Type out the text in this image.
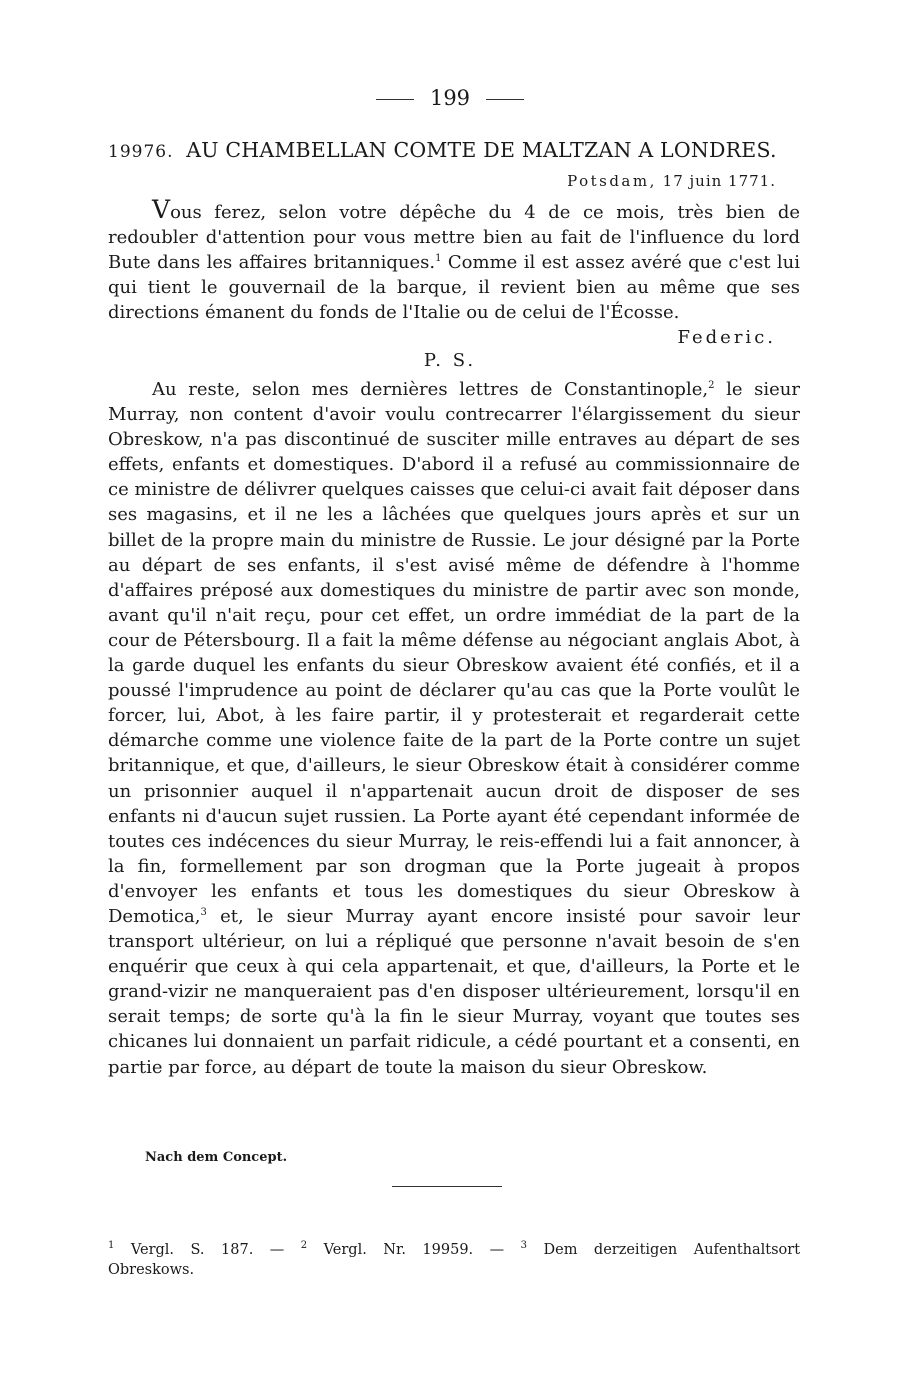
199
19976. AU CHAMBELLAN COMTE DE MALTZAN A LONDRES.
Potsdam, 17 juin 1771.

Vous ferez, selon votre dépêche du 4 de ce mois, très bien de redoubler d'attention pour vous mettre bien au fait de l'influence du lord Bute dans les affaires britanniques.$^1$ Comme il est assez avéré que c'est lui qui tient le gouvernail de la barque, il revient bien au même que ses directions émanent du fonds de l'Italie ou de celui de l'Écosse.

Federic.
P. S.

Au reste, selon mes dernières lettres de Constantinople,$^2$ le sieur Murray, non content d'avoir voulu contrecarrer l'élargissement du sieur Obreskow, n'a pas discontinué de susciter mille entraves au départ de ses effets, enfants et domestiques. D'abord il a refusé au commissionnaire de ce ministre de délivrer quelques caisses que celui-ci avait fait déposer dans ses magasins, et il ne les a lâchées que quelques jours après et sur un billet de la propre main du ministre de Russie. Le jour désigné par la Porte au départ de ses enfants, il s'est avisé même de défendre à l'homme d'affaires préposé aux domestiques du ministre de partir avec son monde, avant qu'il n'ait reçu, pour cet effet, un ordre immédiat de la part de la cour de Pétersbourg. Il a fait la même défense au négociant anglais Abot, à la garde duquel les enfants du sieur Obreskow avaient été confiés, et il a poussé l'imprudence au point de déclarer qu'au cas que la Porte voulût le forcer, lui, Abot, à les faire partir, il y protesterait et regarderait cette démarche comme une violence faite de la part de la Porte contre un sujet britannique, et que, d'ailleurs, le sieur Obreskow était à considérer comme un prisonnier auquel il n'appartenait aucun droit de disposer de ses enfants ni d'aucun sujet russien. La Porte ayant été cependant informée de toutes ces indécences du sieur Murray, le reis-effendi lui a fait annoncer, à la fin, formellement par son drogman que la Porte jugeait à propos d'envoyer les enfants et tous les domestiques du sieur Obreskow à Demotica,$^3$ et, le sieur Murray ayant encore insisté pour savoir leur transport ultérieur, on lui a répliqué que personne n'avait besoin de s'en enquérir que ceux à qui cela appartenait, et que, d'ailleurs, la Porte et le grand-vizir ne manqueraient pas d'en disposer ultérieurement, lorsqu'il en serait temps; de sorte qu'à la fin le sieur Murray, voyant que toutes ses chicanes lui donnaient un parfait ridicule, a cédé pourtant et a consenti, en partie par force, au départ de toute la maison du sieur Obreskow.

Nach dem Concept.
$^1$ Vergl. S. 187. — $^2$ Vergl. Nr. 19959. — $^3$ Dem derzeitigen Aufenthaltsort
Obreskows.
